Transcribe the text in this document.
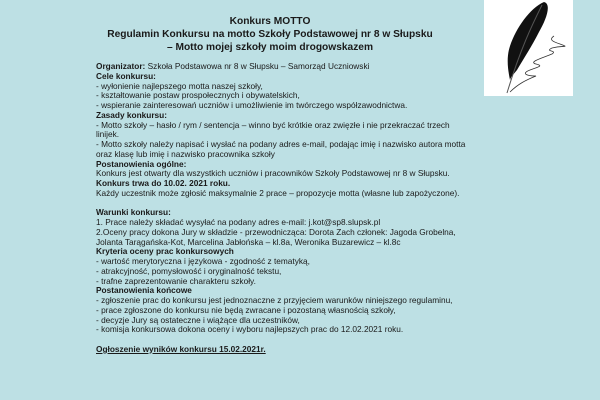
Konkurs MOTTO
Regulamin Konkursu na motto Szkoły Podstawowej nr 8 w Słupsku
– Motto mojej szkoły moim drogowskazem
Organizator: Szkoła Podstawowa nr 8 w Słupsku – Samorząd Uczniowski
Cele konkursu:
- wyłonienie najlepszego motta naszej szkoły,
- kształtowanie postaw prospołecznych i obywatelskich,
- wspieranie zainteresowań uczniów i umożliwienie im twórczego współzawodnictwa.
Zasady konkursu:
- Motto szkoły – hasło / rym / sentencja – winno być krótkie oraz zwięzłe i nie przekraczać trzech
linijek.
- Motto szkoły należy napisać i wysłać na podany adres e-mail, podając imię i nazwisko autora motta
oraz klasę lub imię i nazwisko pracownika szkoły
Postanowienia ogólne:
Konkurs jest otwarty dla wszystkich uczniów i pracowników Szkoły Podstawowej nr 8 w Słupsku.
Konkurs trwa do 10.02. 2021 roku.
Każdy uczestnik może zgłosić maksymalnie 2 prace – propozycje motta (własne lub zapożyczone).
Warunki konkursu:
1. Prace należy składać wysyłać na podany adres e-mail: j.kot@sp8.slupsk.pl
2.Oceny pracy dokona Jury w składzie - przewodnicząca: Dorota Zach członek: Jagoda Grobelna,
Jolanta Tarągańska-Kot, Marcelina Jabłońska – kl.8a, Weronika Buzarewicz – kl.8c
Kryteria oceny prac konkursowych
- wartość merytoryczna i językowa - zgodność z tematyką,
- atrakcyjność, pomysłowość i oryginalność tekstu,
- trafne zaprezentowanie charakteru szkoły.
Postanowienia końcowe
- zgłoszenie prac do konkursu jest jednoznaczne z przyjęciem warunków niniejszego regulaminu,
- prace zgłoszone do konkursu nie będą zwracane i pozostaną własnością szkoły,
- decyzje Jury są ostateczne i wiążące dla uczestników,
- komisja konkursowa dokona oceny i wyboru najlepszych prac do 12.02.2021 roku.
Ogłoszenie wyników konkursu 15.02.2021r.
